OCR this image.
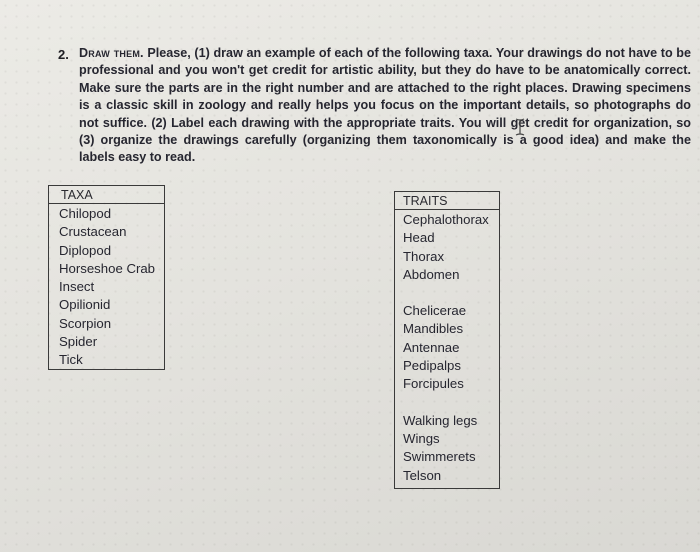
2. Draw them. Please, (1) draw an example of each of the following taxa. Your drawings do not have to be professional and you won't get credit for artistic ability, but they do have to be anatomically correct. Make sure the parts are in the right number and are attached to the right places. Drawing specimens is a classic skill in zoology and really helps you focus on the important details, so photographs do not suffice. (2) Label each drawing with the appropriate traits. You will get credit for organization, so (3) organize the drawings carefully (organizing them taxonomically is a good idea) and make the labels easy to read.
TAXA
Chilopod
Crustacean
Diplopod
Horseshoe Crab
Insect
Opilionid
Scorpion
Spider
Tick
TRAITS
Cephalothorax
Head
Thorax
Abdomen
Chelicerae
Mandibles
Antennae
Pedipalps
Forcipules
Walking legs
Wings
Swimmerets
Telson
